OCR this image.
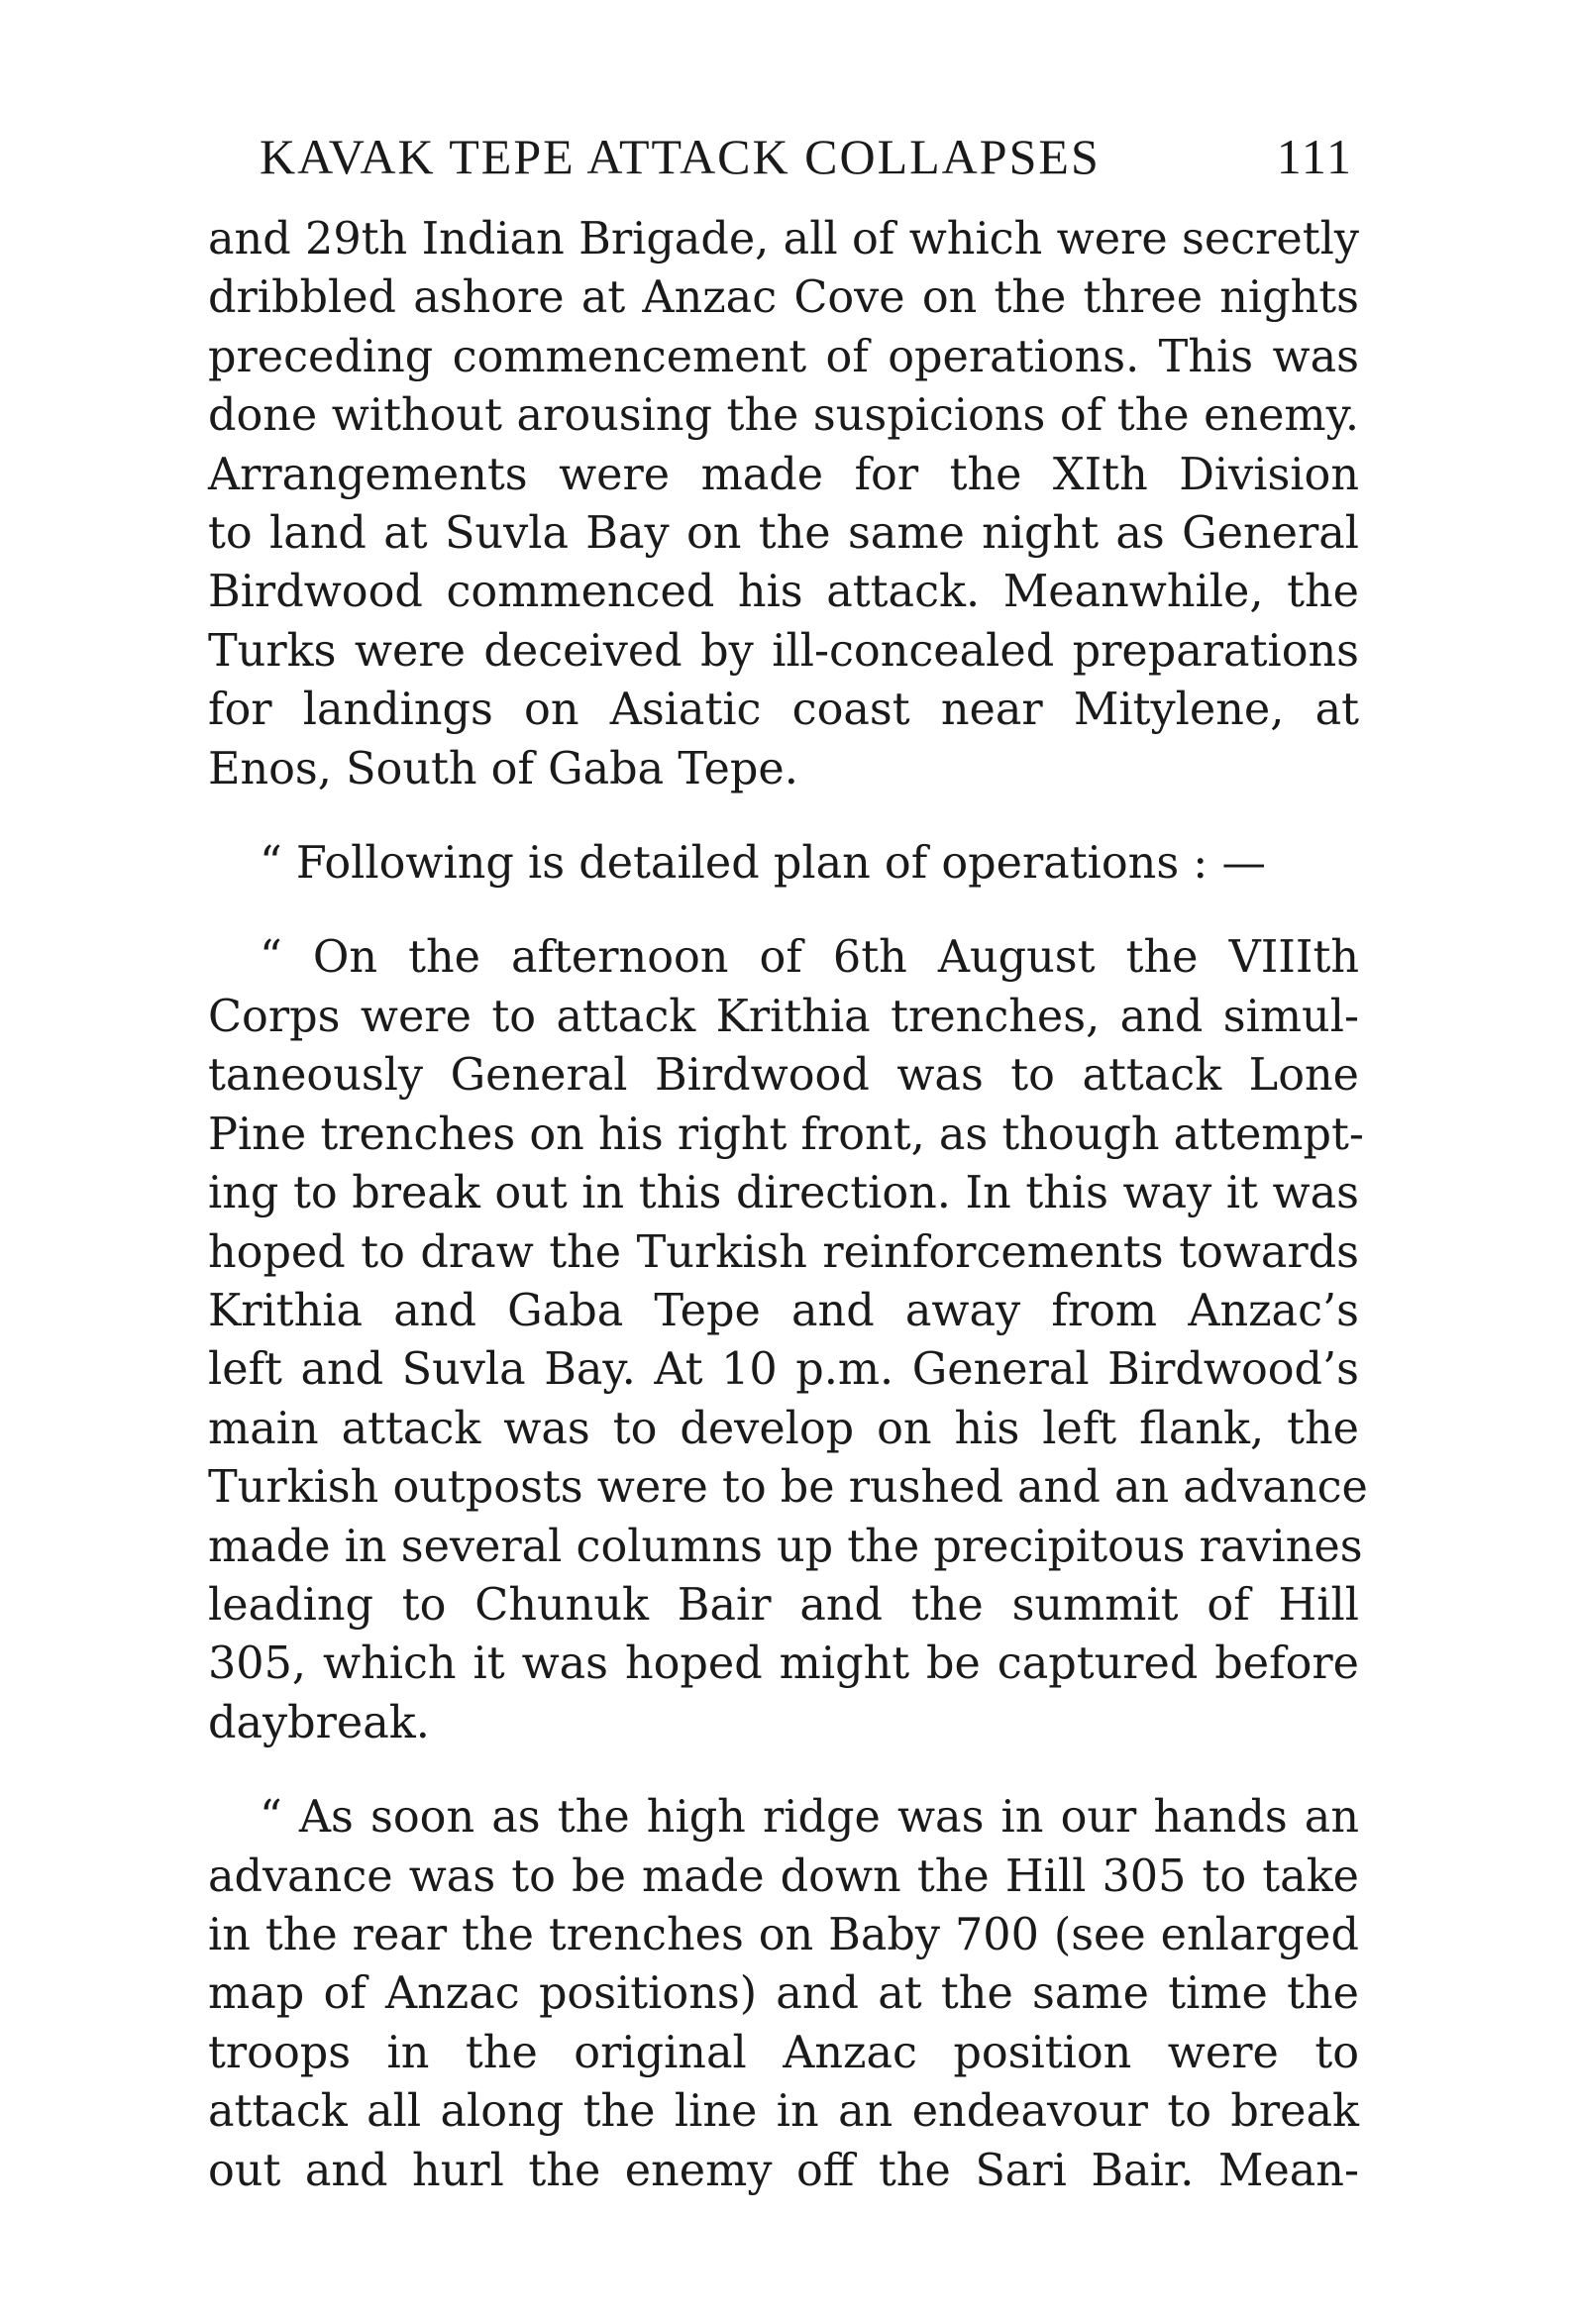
KAVAK TEPE ATTACK COLLAPSES	111

and 29th Indian Brigade, all of which were secretly
dribbled ashore at Anzac Cove on the three nights
preceding commencement of operations. This was
done without arousing the suspicions of the enemy.
Arrangements were made for the XIth Division
to land at Suvla Bay on the same night as General
Birdwood commenced his attack. Meanwhile, the
Turks were deceived by ill-concealed preparations
for landings on Asiatic coast near Mitylene, at
Enos, South of Gaba Tepe.

“ Following is detailed plan of operations : —

“ On the afternoon of 6th August the VIIIth
Corps were to attack Krithia trenches, and simul-
taneously General Birdwood was to attack Lone
Pine trenches on his right front, as though attempt-
ing to break out in this direction. In this way it was
hoped to draw the Turkish reinforcements towards
Krithia and Gaba Tepe and away from Anzac’s
left and Suvla Bay. At 10 p.m. General Birdwood’s
main attack was to develop on his left flank, the
Turkish outposts were to be rushed and an advance
made in several columns up the precipitous ravines
leading to Chunuk Bair and the summit of Hill
305, which it was hoped might be captured before
daybreak.

“ As soon as the high ridge was in our hands an
advance was to be made down the Hill 305 to take
in the rear the trenches on Baby 700 (see enlarged
map of Anzac positions) and at the same time the
troops in the original Anzac position were to
attack all along the line in an endeavour to break
out and hurl the enemy off the Sari Bair. Mean-
